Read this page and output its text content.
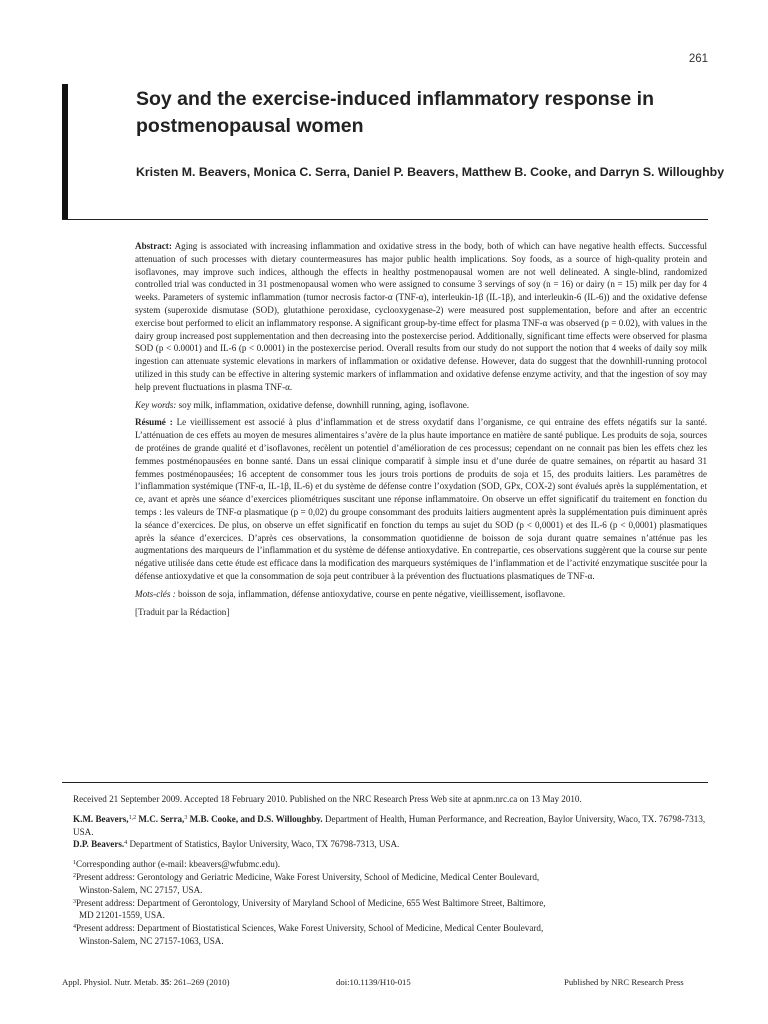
261
Soy and the exercise-induced inflammatory response in postmenopausal women
Kristen M. Beavers, Monica C. Serra, Daniel P. Beavers, Matthew B. Cooke, and Darryn S. Willoughby

Abstract: Aging is associated with increasing inflammation and oxidative stress in the body, both of which can have negative health effects. Successful attenuation of such processes with dietary countermeasures has major public health implications. Soy foods, as a source of high-quality protein and isoflavones, may improve such indices, although the effects in healthy postmenopausal women are not well delineated. A single-blind, randomized controlled trial was conducted in 31 postmenopausal women who were assigned to consume 3 servings of soy (n = 16) or dairy (n = 15) milk per day for 4 weeks. Parameters of systemic inflammation (tumor necrosis factor-α (TNF-α), interleukin-1β (IL-1β), and interleukin-6 (IL-6)) and the oxidative defense system (superoxide dismutase (SOD), glutathione peroxidase, cyclooxygenase-2) were measured post supplementation, before and after an eccentric exercise bout performed to elicit an inflammatory response. A significant group-by-time effect for plasma TNF-α was observed (p = 0.02), with values in the dairy group increased post supplementation and then decreasing into the postexercise period. Additionally, significant time effects were observed for plasma SOD (p < 0.0001) and IL-6 (p < 0.0001) in the postexercise period. Overall results from our study do not support the notion that 4 weeks of daily soy milk ingestion can attenuate systemic elevations in markers of inflammation or oxidative defense. However, data do suggest that the downhill-running protocol utilized in this study can be effective in altering systemic markers of inflammation and oxidative defense enzyme activity, and that the ingestion of soy may help prevent fluctuations in plasma TNF-α.

Key words: soy milk, inflammation, oxidative defense, downhill running, aging, isoflavone.

Résumé : Le vieillissement est associé à plus d’inflammation et de stress oxydatif dans l’organisme, ce qui entraine des effets négatifs sur la santé. L’atténuation de ces effets au moyen de mesures alimentaires s’avère de la plus haute importance en matière de santé publique. Les produits de soja, sources de protéines de grande qualité et d’isoflavones, recèlent un potentiel d’amélioration de ces processus; cependant on ne connait pas bien les effets chez les femmes postménopausées en bonne santé. Dans un essai clinique comparatif à simple insu et d’une durée de quatre semaines, on répartit au hasard 31 femmes postménopausées; 16 acceptent de consommer tous les jours trois portions de produits de soja et 15, des produits laitiers. Les paramètres de l’inflammation systémique (TNF-α, IL-1β, IL-6) et du système de défense contre l’oxydation (SOD, GPx, COX-2) sont évalués après la supplémentation, et ce, avant et après une séance d’exercices pliométriques suscitant une réponse inflammatoire. On observe un effet significatif du traitement en fonction du temps : les valeurs de TNF-α plasmatique (p = 0,02) du groupe consommant des produits laitiers augmentent après la supplémentation puis diminuent après la séance d’exercices. De plus, on observe un effet significatif en fonction du temps au sujet du SOD (p < 0,0001) et des IL-6 (p < 0,0001) plasmatiques après la séance d’exercices. D’après ces observations, la consommation quotidienne de boisson de soja durant quatre semaines n’atténue pas les augmentations des marqueurs de l’inflammation et du système de défense antioxydative. En contrepartie, ces observations suggèrent que la course sur pente négative utilisée dans cette étude est efficace dans la modification des marqueurs systémiques de l’inflammation et de l’activité enzymatique suscitée pour la défense antioxydative et que la consommation de soja peut contribuer à la prévention des fluctuations plasmatiques de TNF-α.

Mots-clés : boisson de soja, inflammation, défense antioxydative, course en pente négative, vieillissement, isoflavone.

[Traduit par la Rédaction]

Received 21 September 2009. Accepted 18 February 2010. Published on the NRC Research Press Web site at apnm.nrc.ca on 13 May 2010.

K.M. Beavers,$^{1,2}$ M.C. Serra,$^3$ M.B. Cooke, and D.S. Willoughby. Department of Health, Human Performance, and Recreation, Baylor University, Waco, TX. 76798-7313, USA.

D.P. Beavers.$^4$ Department of Statistics, Baylor University, Waco, TX 76798-7313, USA.

$^1$Corresponding author (e-mail: kbeavers@wfubmc.edu).

$^2$Present address: Gerontology and Geriatric Medicine, Wake Forest University, School of Medicine, Medical Center Boulevard,

Winston-Salem, NC 27157, USA.

$^3$Present address: Department of Gerontology, University of Maryland School of Medicine, 655 West Baltimore Street, Baltimore,

MD 21201-1559, USA.

$^4$Present address: Department of Biostatistical Sciences, Wake Forest University, School of Medicine, Medical Center Boulevard,

Winston-Salem, NC 27157-1063, USA.

Appl. Physiol. Nutr. Metab. 35: 261–269 (2010)	doi:10.1139/H10-015	Published by NRC Research Press
